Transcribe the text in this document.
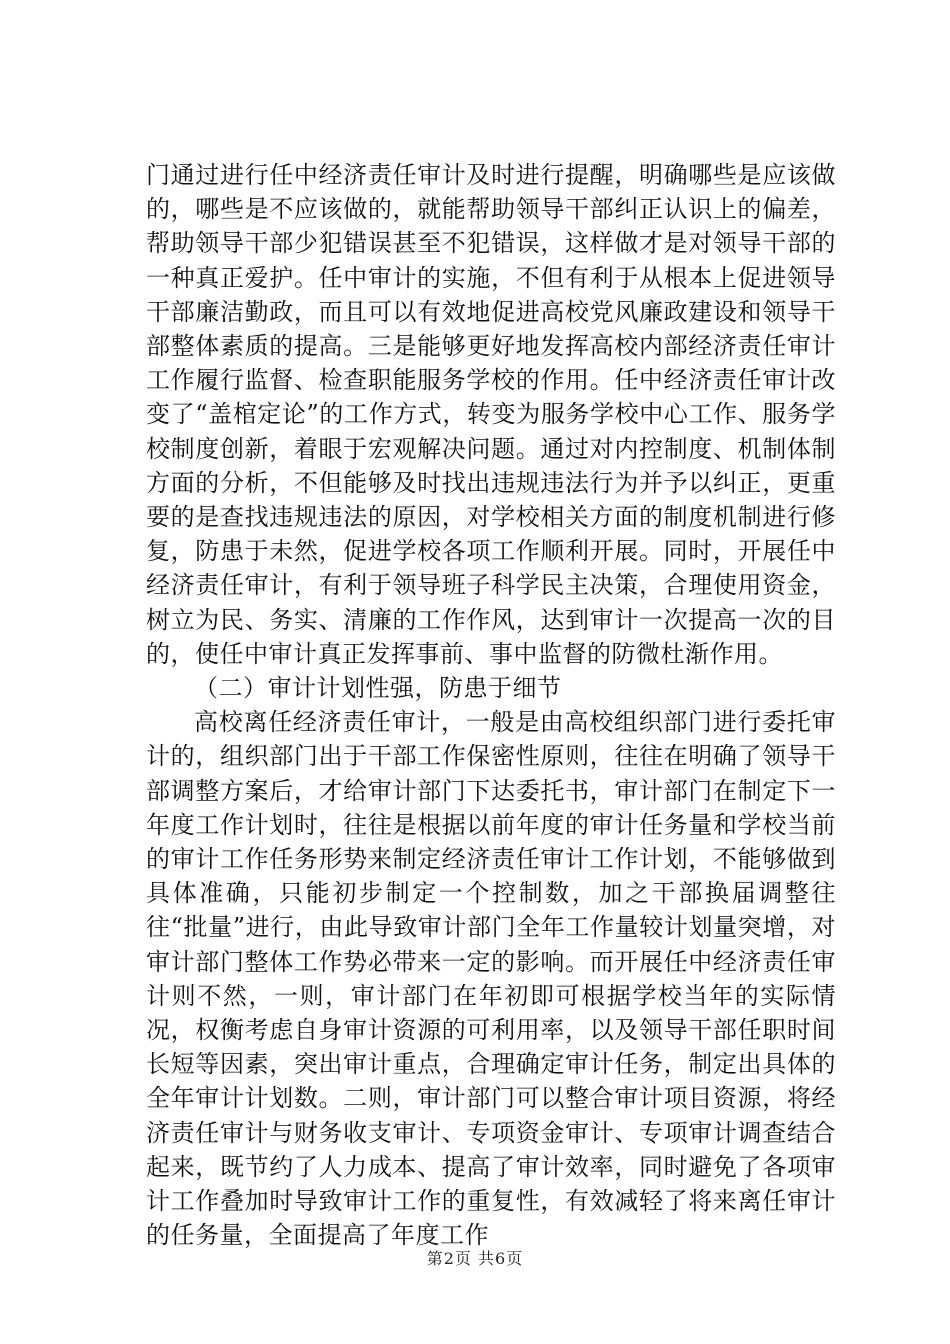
门通过进行任中经济责任审计及时进行提醒，明确哪些是应该做的，哪些是不应该做的，就能帮助领导干部纠正认识上的偏差，帮助领导干部少犯错误甚至不犯错误，这样做才是对领导干部的一种真正爱护。任中审计的实施，不但有利于从根本上促进领导干部廉洁勤政，而且可以有效地促进高校党风廉政建设和领导干部整体素质的提高。三是能够更好地发挥高校内部经济责任审计工作履行监督、检查职能服务学校的作用。任中经济责任审计改变了“盖棺定论”的工作方式，转变为服务学校中心工作、服务学校制度创新，着眼于宏观解决问题。通过对内控制度、机制体制方面的分析，不但能够及时找出违规违法行为并予以纠正，更重要的是查找违规违法的原因，对学校相关方面的制度机制进行修复，防患于未然，促进学校各项工作顺利开展。同时，开展任中经济责任审计，有利于领导班子科学民主决策，合理使用资金，树立为民、务实、清廉的工作作风，达到审计一次提高一次的目的，使任中审计真正发挥事前、事中监督的防微杜渐作用。

（二）审计计划性强，防患于细节

高校离任经济责任审计，一般是由高校组织部门进行委托审计的，组织部门出于干部工作保密性原则，往往在明确了领导干部调整方案后，才给审计部门下达委托书，审计部门在制定下一年度工作计划时，往往是根据以前年度的审计任务量和学校当前的审计工作任务形势来制定经济责任审计工作计划，不能够做到具体准确，只能初步制定一个控制数，加之干部换届调整往往“批量”进行，由此导致审计部门全年工作量较计划量突增，对审计部门整体工作势必带来一定的影响。而开展任中经济责任审计则不然，一则，审计部门在年初即可根据学校当年的实际情况，权衡考虑自身审计资源的可利用率，以及领导干部任职时间长短等因素，突出审计重点，合理确定审计任务，制定出具体的全年审计计划数。二则，审计部门可以整合审计项目资源，将经济责任审计与财务收支审计、专项资金审计、专项审计调查结合起来，既节约了人力成本、提高了审计效率，同时避免了各项审计工作叠加时导致审计工作的重复性，有效减轻了将来离任审计的任务量，全面提高了年度工作

第2页 共6页
